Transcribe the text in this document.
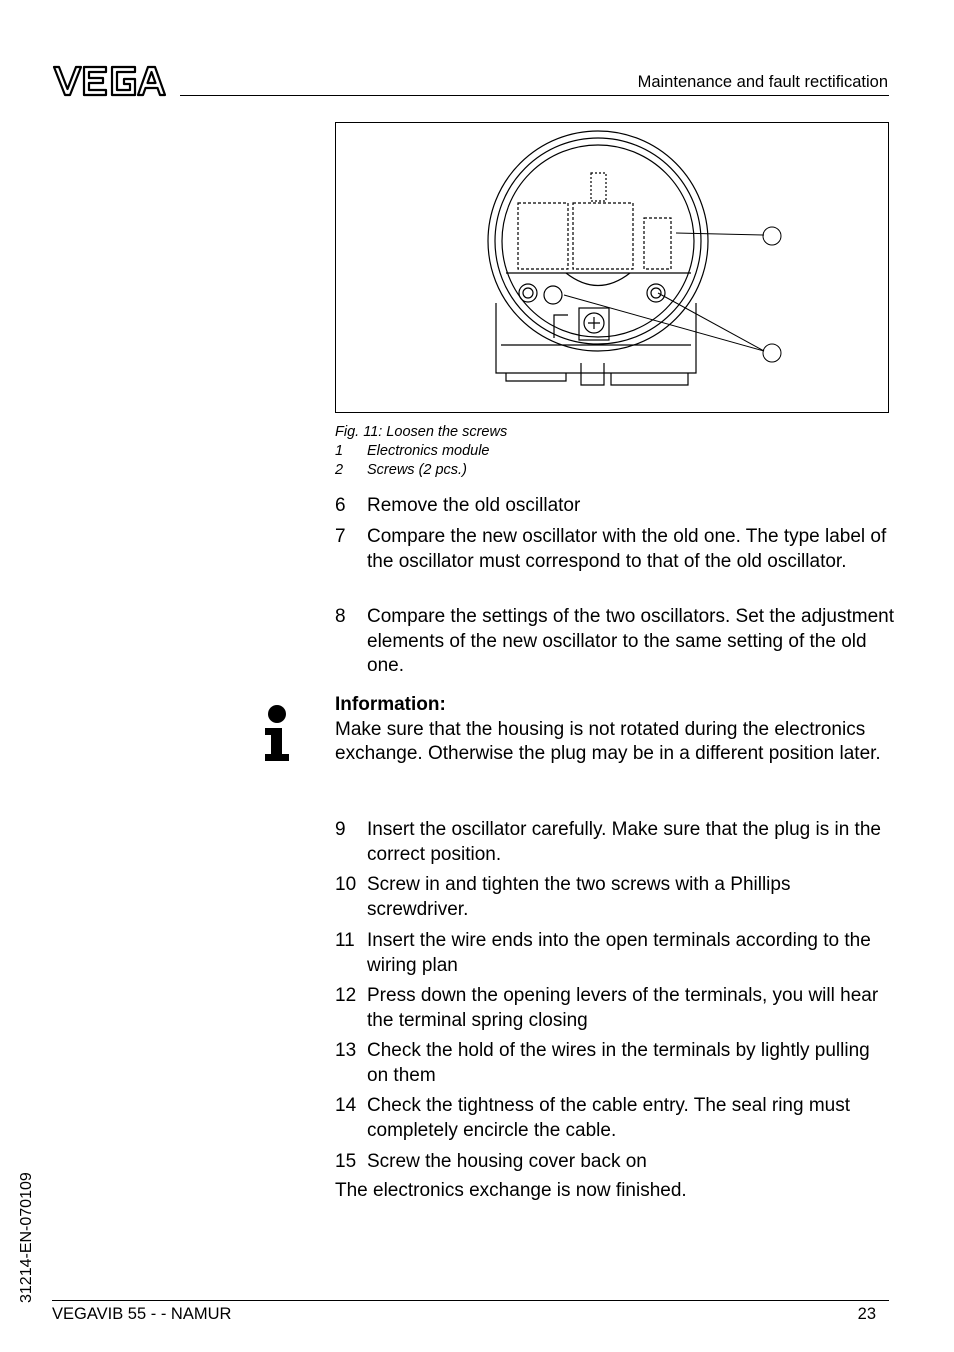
Maintenance and fault rectification
Fig. 11: Loosen the screws
1 Electronics module
2 Screws (2 pcs.)
6 Remove the old oscillator
7 Compare the new oscillator with the old one. The type label of the oscillator must correspond to that of the old oscillator.
8 Compare the settings of the two oscillators. Set the adjustment elements of the new oscillator to the same setting of the old one.
Information:
Make sure that the housing is not rotated during the electronics exchange. Otherwise the plug may be in a different position later.
9 Insert the oscillator carefully. Make sure that the plug is in the correct position.
10 Screw in and tighten the two screws with a Phillips screwdriver.
11 Insert the wire ends into the open terminals according to the wiring plan
12 Press down the opening levers of the terminals, you will hear the terminal spring closing
13 Check the hold of the wires in the terminals by lightly pulling on them
14 Check the tightness of the cable entry. The seal ring must completely encircle the cable.
15 Screw the housing cover back on
The electronics exchange is now finished.
31214-EN-070109
VEGAVIB 55 - - NAMUR	23
